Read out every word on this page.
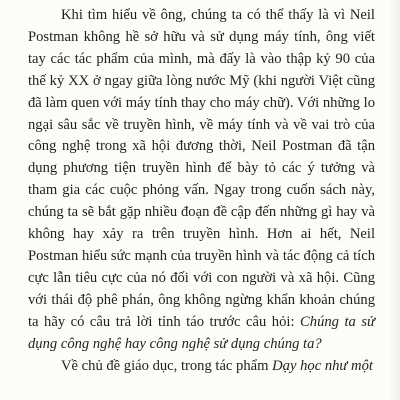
Khi tìm hiểu về ông, chúng ta có thể thấy là vì Neil Postman không hề sở hữu và sử dụng máy tính, ông viết tay các tác phẩm của mình, mà đấy là vào thập kỷ 90 của thế kỷ XX ở ngay giữa lòng nước Mỹ (khi người Việt cũng đã làm quen với máy tính thay cho máy chữ). Với những lo ngại sâu sắc về truyền hình, về máy tính và về vai trò của công nghệ trong xã hội đương thời, Neil Postman đã tận dụng phương tiện truyền hình để bày tỏ các ý tưởng và tham gia các cuộc phỏng vấn. Ngay trong cuốn sách này, chúng ta sẽ bắt gặp nhiều đoạn đề cập đến những gì hay và không hay xảy ra trên truyền hình. Hơn ai hết, Neil Postman hiểu sức mạnh của truyền hình và tác động cả tích cực lẫn tiêu cực của nó đối với con người và xã hội. Cũng với thái độ phê phán, ông không ngừng khẩn khoản chúng ta hãy có câu trả lời tỉnh táo trước câu hỏi: Chúng ta sử dụng công nghệ hay công nghệ sử dụng chúng ta?

Về chủ đề giáo dục, trong tác phẩm Dạy học như một
